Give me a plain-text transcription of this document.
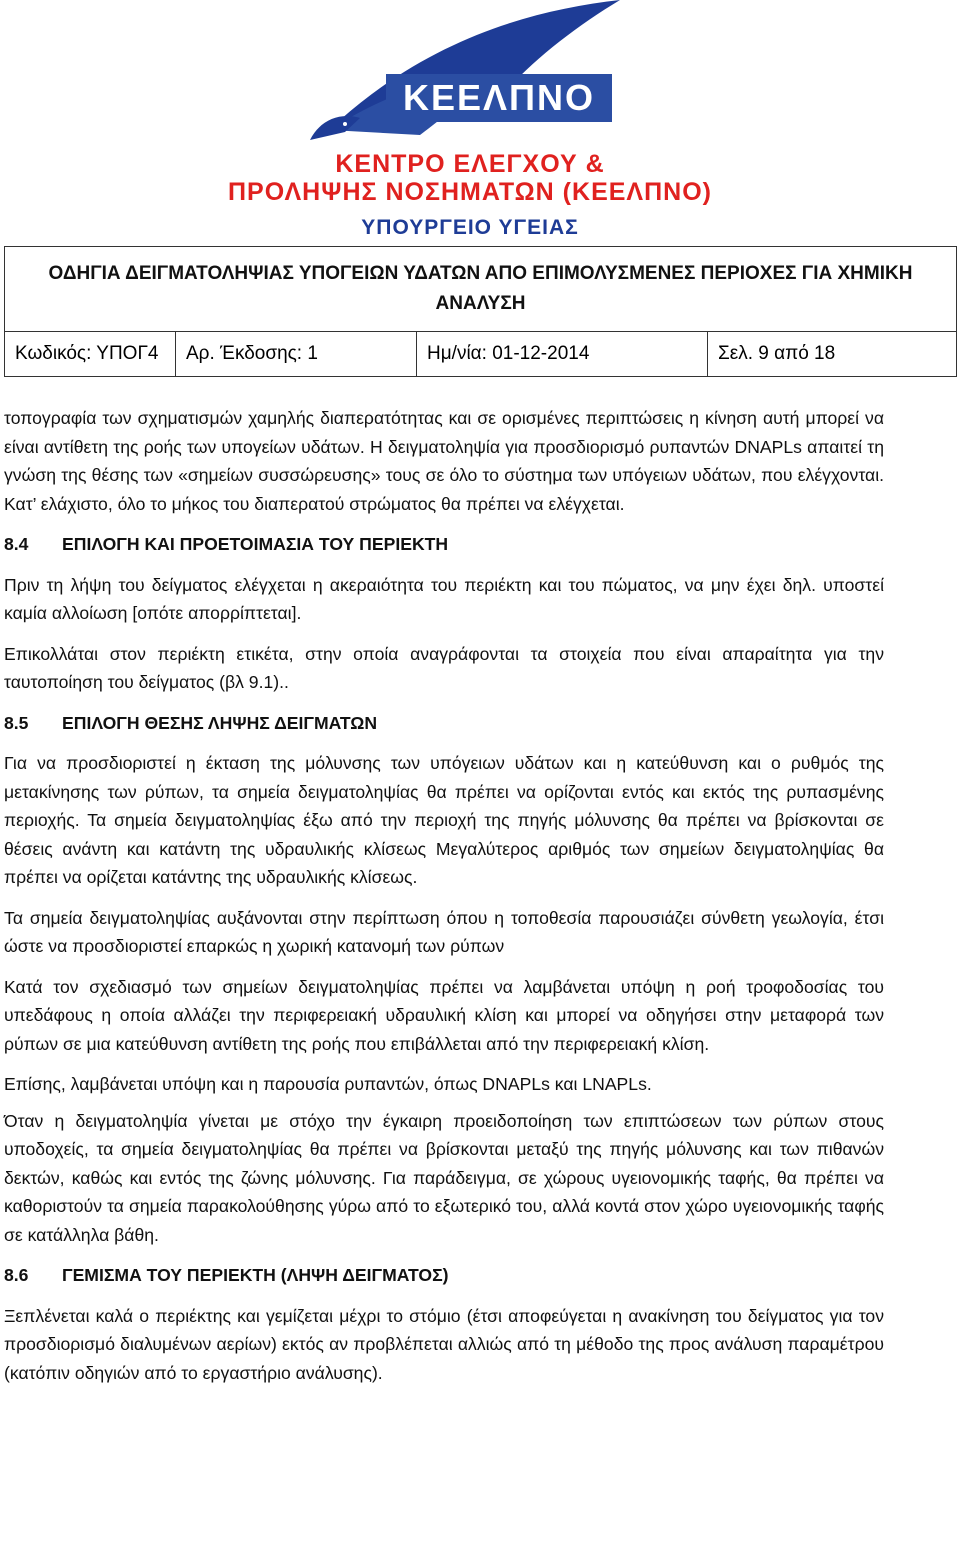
ΚΕΕΛΠΝΟ
ΚΕΝΤΡΟ ΕΛΕΓΧΟΥ &
ΠΡΟΛΗΨΗΣ ΝΟΣΗΜΑΤΩΝ (ΚΕΕΛΠΝΟ)
ΥΠΟΥΡΓΕΙΟ ΥΓΕΙΑΣ
ΟΔΗΓΙΑ ΔΕΙΓΜΑΤΟΛΗΨΙΑΣ ΥΠΟΓΕΙΩΝ ΥΔΑΤΩΝ ΑΠΟ ΕΠΙΜΟΛΥΣΜΕΝΕΣ ΠΕΡΙΟΧΕΣ ΓΙΑ ΧΗΜΙΚΗ ΑΝΑΛΥΣΗ
Κωδικός: ΥΠΟΓ4	Αρ. Έκδοσης: 1	Ημ/νία: 01-12-2014	Σελ. 9 από 18

τοπογραφία των σχηματισμών χαμηλής διαπερατότητας και σε ορισμένες περιπτώσεις η κίνηση αυτή μπορεί να είναι αντίθετη της ροής των υπογείων υδάτων. Η δειγματοληψία για προσδιορισμό ρυπαντών DNAPLs απαιτεί τη γνώση της θέσης των «σημείων συσσώρευσης» τους σε όλο το σύστημα των υπόγειων υδάτων, που ελέγχονται. Κατ’ ελάχιστο, όλο το μήκος του διαπερατού στρώματος θα πρέπει να ελέγχεται.

8.4 ΕΠΙΛΟΓΗ ΚΑΙ ΠΡΟΕΤΟΙΜΑΣΙΑ ΤΟΥ ΠΕΡΙΕΚΤΗ

Πριν τη λήψη του δείγματος ελέγχεται η ακεραιότητα του περιέκτη και του πώματος, να μην έχει δηλ. υποστεί καμία αλλοίωση [οπότε απορρίπτεται].

Επικολλάται στον περιέκτη ετικέτα, στην οποία αναγράφονται τα στοιχεία που είναι απαραίτητα για την ταυτοποίηση του δείγματος (βλ 9.1)..

8.5 ΕΠΙΛΟΓΗ ΘΕΣΗΣ ΛΗΨΗΣ ΔΕΙΓΜΑΤΩΝ

Για να προσδιοριστεί η έκταση της μόλυνσης των υπόγειων υδάτων και η κατεύθυνση και ο ρυθμός της μετακίνησης των ρύπων, τα σημεία δειγματοληψίας θα πρέπει να ορίζονται εντός και εκτός της ρυπασμένης περιοχής. Τα σημεία δειγματοληψίας έξω από την περιοχή της πηγής μόλυνσης θα πρέπει να βρίσκονται σε θέσεις ανάντη και κατάντη της υδραυλικής κλίσεως Μεγαλύτερος αριθμός των σημείων δειγματοληψίας θα πρέπει να ορίζεται κατάντης της υδραυλικής κλίσεως.

Τα σημεία δειγματοληψίας αυξάνονται στην περίπτωση όπου η τοποθεσία παρουσιάζει σύνθετη γεωλογία, έτσι ώστε να προσδιοριστεί επαρκώς η χωρική κατανομή των ρύπων

Κατά τον σχεδιασμό των σημείων δειγματοληψίας πρέπει να λαμβάνεται υπόψη η ροή τροφοδοσίας του υπεδάφους η οποία αλλάζει την περιφερειακή υδραυλική κλίση και μπορεί να οδηγήσει στην μεταφορά των ρύπων σε μια κατεύθυνση αντίθετη της ροής που επιβάλλεται από την περιφερειακή κλίση.

Επίσης, λαμβάνεται υπόψη και η παρουσία ρυπαντών, όπως DNAPLs και LNAPLs.

Όταν η δειγματοληψία γίνεται με στόχο την έγκαιρη προειδοποίηση των επιπτώσεων των ρύπων στους υποδοχείς, τα σημεία δειγματοληψίας θα πρέπει να βρίσκονται μεταξύ της πηγής μόλυνσης και των πιθανών δεκτών, καθώς και εντός της ζώνης μόλυνσης. Για παράδειγμα, σε χώρους υγειονομικής ταφής, θα πρέπει να καθοριστούν τα σημεία παρακολούθησης γύρω από το εξωτερικό του, αλλά κοντά στον χώρο υγειονομικής ταφής σε κατάλληλα βάθη.

8.6 ΓΕΜΙΣΜΑ ΤΟΥ ΠΕΡΙΕΚΤΗ (ΛΗΨΗ ΔΕΙΓΜΑΤΟΣ)

Ξεπλένεται καλά ο περιέκτης και γεμίζεται μέχρι το στόμιο (έτσι αποφεύγεται η ανακίνηση του δείγματος για τον προσδιορισμό διαλυμένων αερίων) εκτός αν προβλέπεται αλλιώς από τη μέθοδο της προς ανάλυση παραμέτρου (κατόπιν οδηγιών από το εργαστήριο ανάλυσης).
